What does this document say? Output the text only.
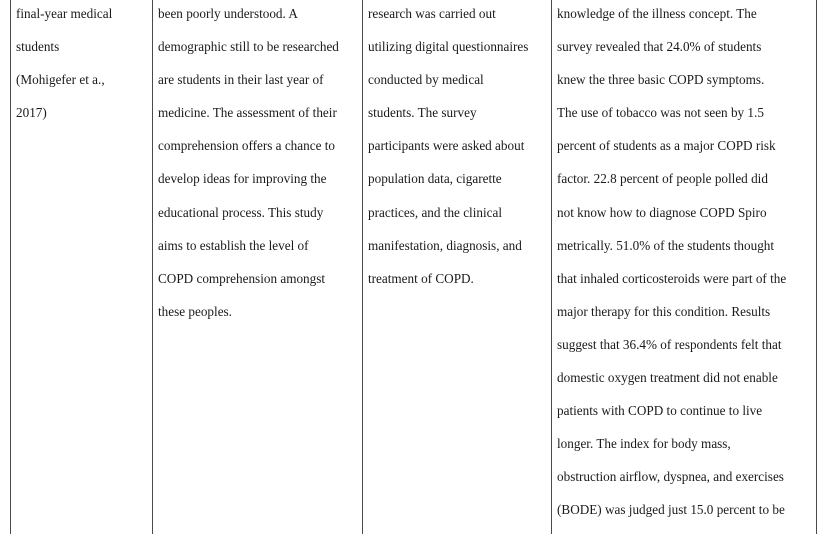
final-year medical
students
(Mohigefer et a.,
2017)
been poorly understood. A
demographic still to be researched
are students in their last year of
medicine. The assessment of their
comprehension offers a chance to
develop ideas for improving the
educational process. This study
aims to establish the level of
COPD comprehension amongst
these peoples.
research was carried out
utilizing digital questionnaires
conducted by medical
students. The survey
participants were asked about
population data, cigarette
practices, and the clinical
manifestation, diagnosis, and
treatment of COPD.
knowledge of the illness concept. The
survey revealed that 24.0% of students
knew the three basic COPD symptoms.
The use of tobacco was not seen by 1.5
percent of students as a major COPD risk
factor. 22.8 percent of people polled did
not know how to diagnose COPD Spiro
metrically. 51.0% of the students thought
that inhaled corticosteroids were part of the
major therapy for this condition. Results
suggest that 36.4% of respondents felt that
domestic oxygen treatment did not enable
patients with COPD to continue to live
longer. The index for body mass,
obstruction airflow, dyspnea, and exercises
(BODE) was judged just 15.0 percent to be
